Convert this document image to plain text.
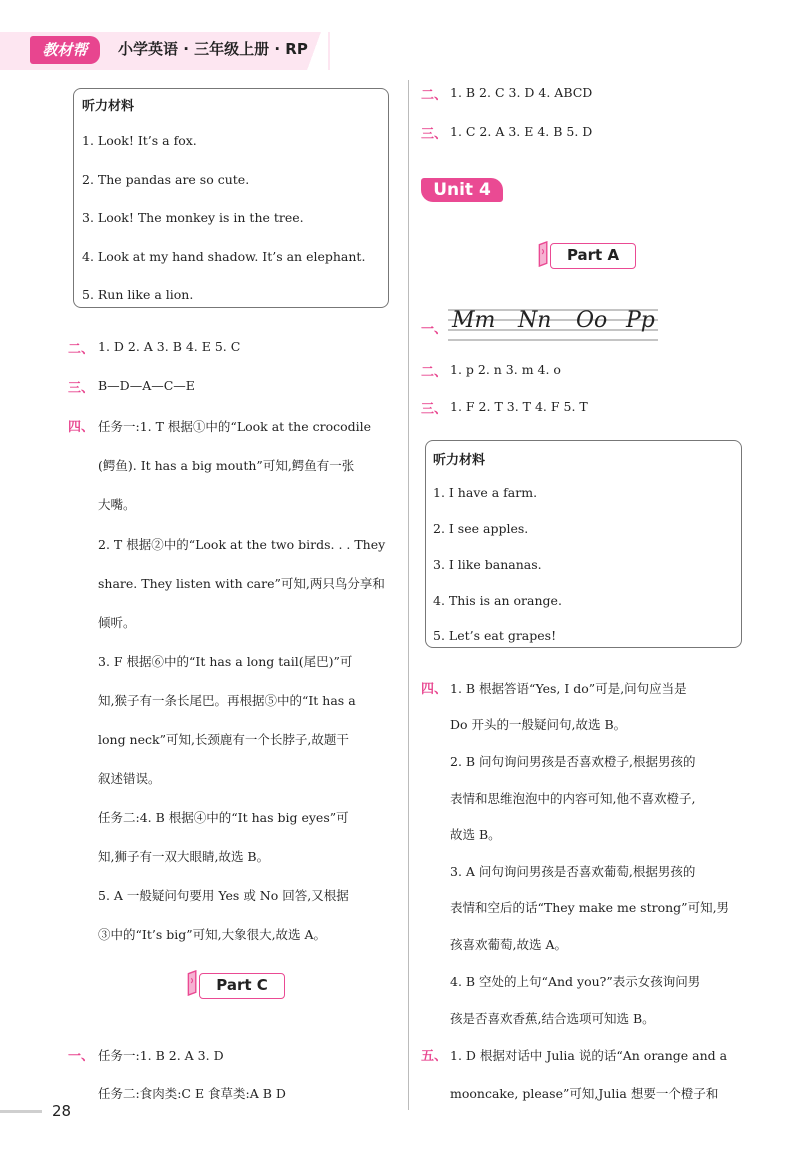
教材帮	小学英语 · 三年级上册 · RP
听力材料
1. Look! It’s a fox.
2. The pandas are so cute.
3. Look! The monkey is in the tree.
4. Look at my hand shadow. It’s an elephant.
5. Run like a lion.
二、 1. D 2. A 3. B 4. E 5. C
三、 B—D—A—C—E
四、 任务一:1. T 根据①中的“Look at the crocodile
(鳄鱼). It has a big mouth”可知,鳄鱼有一张
大嘴。
2. T 根据②中的“Look at the two birds. . . They
share. They listen with care”可知,两只鸟分享和
倾听。
3. F 根据⑥中的“It has a long tail(尾巴)”可
知,猴子有一条长尾巴。再根据⑤中的“It has a
long neck”可知,长颈鹿有一个长脖子,故题干
叙述错误。
任务二:4. B 根据④中的“It has big eyes”可
知,狮子有一双大眼睛,故选 B。
5. A 一般疑问句要用 Yes 或 No 回答,又根据
③中的“It’s big”可知,大象很大,故选 A。
Part C
一、 任务一:1. B 2. A 3. D
任务二:食肉类:C E 食草类:A B D
28
二、 1. B 2. C 3. D 4. ABCD
三、 1. C 2. A 3. E 4. B 5. D
Unit 4
Part A
一、 Mm Nn Oo Pp
二、 1. p 2. n 3. m 4. o
三、 1. F 2. T 3. T 4. F 5. T
听力材料
1. I have a farm.
2. I see apples.
3. I like bananas.
4. This is an orange.
5. Let’s eat grapes!
四、 1. B 根据答语“Yes, I do”可是,问句应当是
Do 开头的一般疑问句,故选 B。
2. B 问句询问男孩是否喜欢橙子,根据男孩的
表情和思维泡泡中的内容可知,他不喜欢橙子,
故选 B。
3. A 问句询问男孩是否喜欢葡萄,根据男孩的
表情和空后的话“They make me strong”可知,男
孩喜欢葡萄,故选 A。
4. B 空处的上句“And you?”表示女孩询问男
孩是否喜欢香蕉,结合选项可知选 B。
五、 1. D 根据对话中 Julia 说的话“An orange and a
mooncake, please”可知,Julia 想要一个橙子和
